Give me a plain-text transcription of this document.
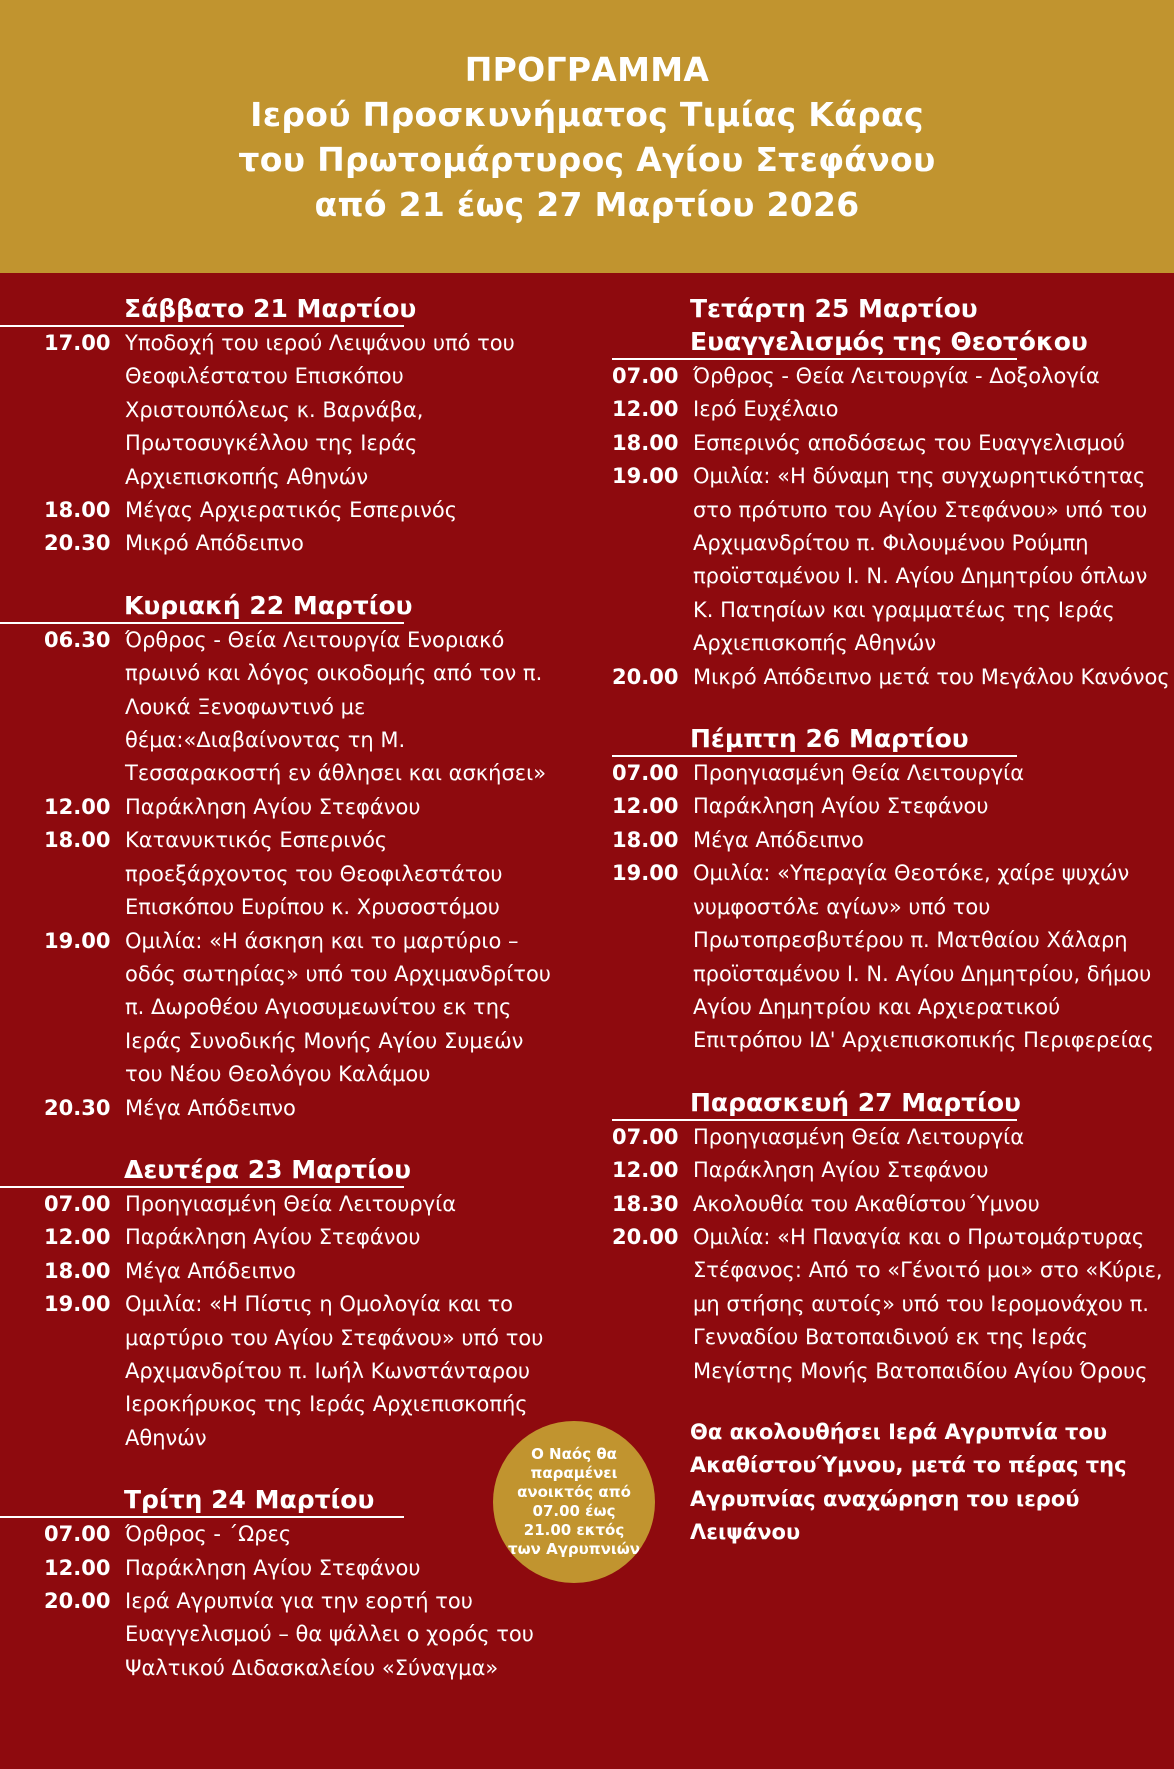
ΠΡΟΓΡΑΜΜΑ
Ιερού Προσκυνήματος Τιμίας Κάρας
του Πρωτομάρτυρος Αγίου Στεφάνου
από 21 έως 27 Μαρτίου 2026
Σάββατο 21 Μαρτίου
17.00 Υποδοχή του ιερού Λειψάνου υπό του Θεοφιλέστατου Επισκόπου Χριστουπόλεως κ. Βαρνάβα, Πρωτοσυγκέλλου της Ιεράς Αρχιεπισκοπής Αθηνών
18.00 Μέγας Αρχιερατικός Εσπερινός
20.30 Μικρό Απόδειπνο
Κυριακή 22 Μαρτίου
06.30 Όρθρος - Θεία Λειτουργία Ενοριακό πρωινό και λόγος οικοδομής από τον π. Λουκά Ξενοφωντινό με θέμα:«Διαβαίνοντας τη Μ. Τεσσαρακοστή εν άθλησει και ασκήσει»
12.00 Παράκληση Αγίου Στεφάνου
18.00 Κατανυκτικός Εσπερινός προεξάρχοντος του Θεοφιλεστάτου Επισκόπου Ευρίπου κ. Χρυσοστόμου
19.00 Ομιλία: «Η άσκηση και το μαρτύριο – οδός σωτηρίας» υπό του Αρχιμανδρίτου π. Δωροθέου Αγιοσυμεωνίτου εκ της Ιεράς Συνοδικής Μονής Αγίου Συμεών του Νέου Θεολόγου Καλάμου
20.30 Μέγα Απόδειπνο
Δευτέρα 23 Μαρτίου
07.00 Προηγιασμένη Θεία Λειτουργία
12.00 Παράκληση Αγίου Στεφάνου
18.00 Μέγα Απόδειπνο
19.00 Ομιλία: «Η Πίστις η Ομολογία και το μαρτύριο του Αγίου Στεφάνου» υπό του Αρχιμανδρίτου π. Ιωήλ Κωνστάνταρου Ιεροκήρυκος της Ιεράς Αρχιεπισκοπής Αθηνών
Τρίτη 24 Μαρτίου
07.00 Όρθρος - ΄Ωρες
12.00 Παράκληση Αγίου Στεφάνου
20.00 Ιερά Αγρυπνία για την εορτή του Ευαγγελισμού – θα ψάλλει ο χορός του Ψαλτικού Διδασκαλείου «Σύναγμα»
Τετάρτη 25 Μαρτίου
Ευαγγελισμός της Θεοτόκου
07.00 Όρθρος - Θεία Λειτουργία - Δοξολογία
12.00 Ιερό Ευχέλαιο
18.00 Εσπερινός αποδόσεως του Ευαγγελισμού
19.00 Ομιλία: «Η δύναμη της συγχωρητικότητας στο πρότυπο του Αγίου Στεφάνου» υπό του Αρχιμανδρίτου π. Φιλουμένου Ρούμπη προϊσταμένου Ι. Ν. Αγίου Δημητρίου όπλων Κ. Πατησίων και γραμματέως της Ιεράς Αρχιεπισκοπής Αθηνών
20.00 Μικρό Απόδειπνο μετά του Μεγάλου Κανόνος
Πέμπτη 26 Μαρτίου
07.00 Προηγιασμένη Θεία Λειτουργία
12.00 Παράκληση Αγίου Στεφάνου
18.00 Μέγα Απόδειπνο
19.00 Ομιλία: «Υπεραγία Θεοτόκε, χαίρε ψυχών νυμφοστόλε αγίων» υπό του Πρωτοπρεσβυτέρου π. Ματθαίου Χάλαρη προϊσταμένου Ι. Ν. Αγίου Δημητρίου, δήμου Αγίου Δημητρίου και Αρχιερατικού Επιτρόπου ΙΔ' Αρχιεπισκοπικής Περιφερείας
Παρασκευή 27 Μαρτίου
07.00 Προηγιασμένη Θεία Λειτουργία
12.00 Παράκληση Αγίου Στεφάνου
18.30 Ακολουθία του Ακαθίστου΄Υμνου
20.00 Ομιλία: «Η Παναγία και ο Πρωτομάρτυρας Στέφανος: Από το «Γένοιτό μοι» στο «Κύριε, μη στήσης αυτοίς» υπό του Ιερομονάχου π. Γενναδίου Βατοπαιδινού εκ της Ιεράς Μεγίστης Μονής Βατοπαιδίου Αγίου Όρους
Θα ακολουθήσει Ιερά Αγρυπνία του ΑκαθίστουΎμνου, μετά το πέρας της Αγρυπνίας αναχώρηση του ιερού Λειψάνου
Ο Ναός θα παραμένει ανοικτός από 07.00 έως 21.00 εκτός των Αγρυπνιών
